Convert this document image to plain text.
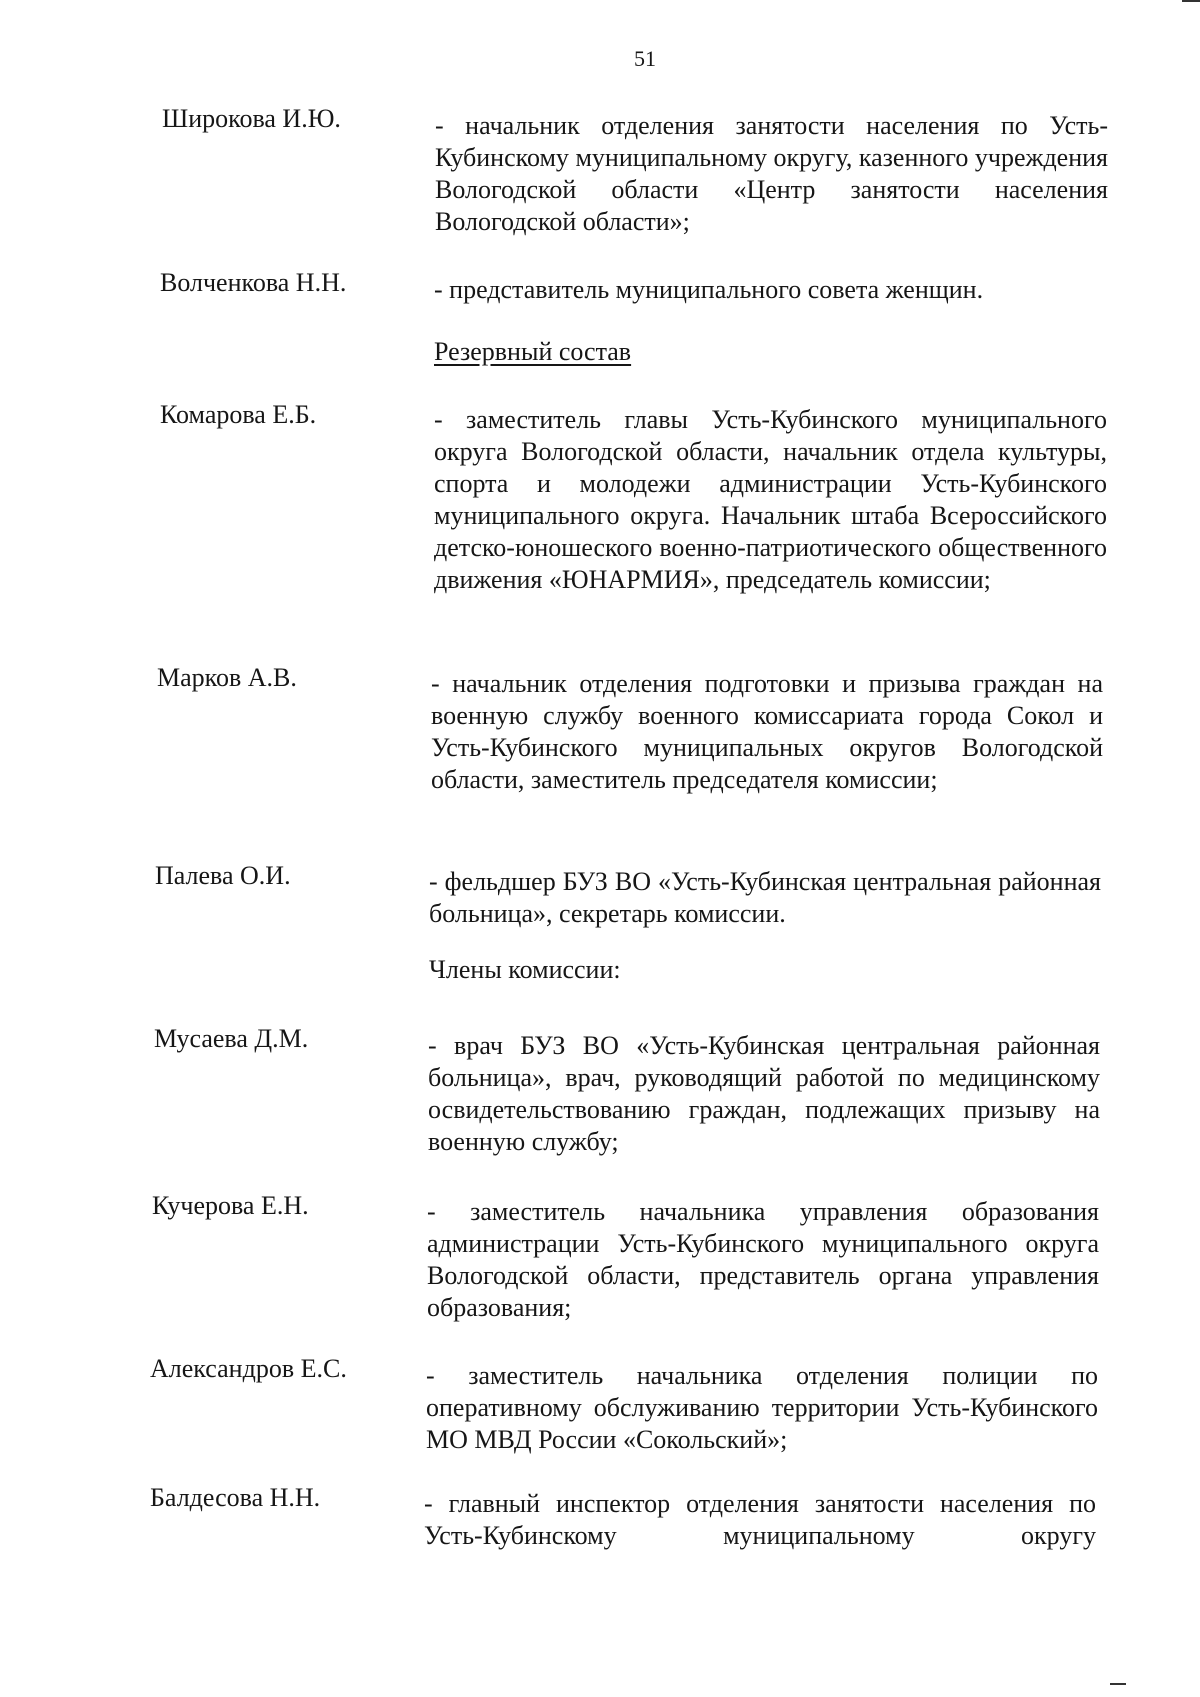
51
Широкова И.Ю.	- начальник отделения занятости населения по Усть-Кубинскому муниципальному округу, казенного учреждения Вологодской области «Центр занятости населения Вологодской области»;
Волченкова Н.Н.	- представитель муниципального совета женщин.
Резервный состав
Комарова Е.Б.	- заместитель главы Усть-Кубинского муниципального округа Вологодской области, начальник отдела культуры, спорта и молодежи администрации Усть-Кубинского муниципального округа. Начальник штаба Всероссийского детско-юношеского военно-патриотического общественного движения «ЮНАРМИЯ», председатель комиссии;
Марков А.В.	- начальник отделения подготовки и призыва граждан на военную службу военного комиссариата города Сокол и Усть-Кубинского муниципальных округов Вологодской области, заместитель председателя комиссии;
Палева О.И.	- фельдшер БУЗ ВО «Усть-Кубинская центральная районная больница», секретарь комиссии.
Члены комиссии:
Мусаева Д.М.	- врач БУЗ ВО «Усть-Кубинская центральная районная больница», врач, руководящий работой по медицинскому освидетельствованию граждан, подлежащих призыву на военную службу;
Кучерова Е.Н.	- заместитель начальника управления образования администрации Усть-Кубинского муниципального округа Вологодской области, представитель органа управления образования;
Александров Е.С.	- заместитель начальника отделения полиции по оперативному обслуживанию территории Усть-Кубинского МО МВД России «Сокольский»;
Балдесова Н.Н.	- главный инспектор отделения занятости населения по Усть-Кубинскому муниципальному округу
